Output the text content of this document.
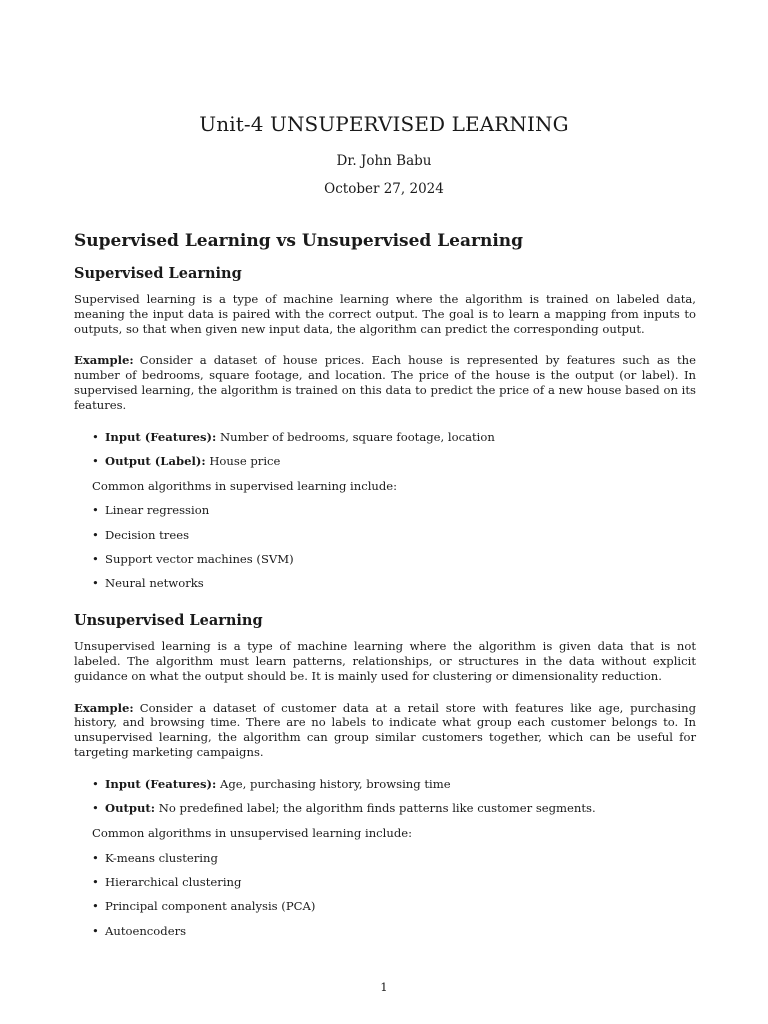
Unit-4 UNSUPERVISED LEARNING
Dr. John Babu
October 27, 2024
Supervised Learning vs Unsupervised Learning
Supervised Learning

Supervised learning is a type of machine learning where the algorithm is trained on labeled data, meaning the input data is paired with the correct output. The goal is to learn a mapping from inputs to outputs, so that when given new input data, the algorithm can predict the corresponding output.

Example: Consider a dataset of house prices. Each house is represented by features such as the number of bedrooms, square footage, and location. The price of the house is the output (or label). In supervised learning, the algorithm is trained on this data to predict the price of a new house based on its features.

• Input (Features): Number of bedrooms, square footage, location
• Output (Label): House price

Common algorithms in supervised learning include:

• Linear regression
• Decision trees
• Support vector machines (SVM)
• Neural networks
Unsupervised Learning

Unsupervised learning is a type of machine learning where the algorithm is given data that is not labeled. The algorithm must learn patterns, relationships, or structures in the data without explicit guidance on what the output should be. It is mainly used for clustering or dimensionality reduction.

Example: Consider a dataset of customer data at a retail store with features like age, purchasing history, and browsing time. There are no labels to indicate what group each customer belongs to. In unsupervised learning, the algorithm can group similar customers together, which can be useful for targeting marketing campaigns.

• Input (Features): Age, purchasing history, browsing time
• Output: No predefined label; the algorithm finds patterns like customer segments.

Common algorithms in unsupervised learning include:

• K-means clustering
• Hierarchical clustering
• Principal component analysis (PCA)
• Autoencoders
1
